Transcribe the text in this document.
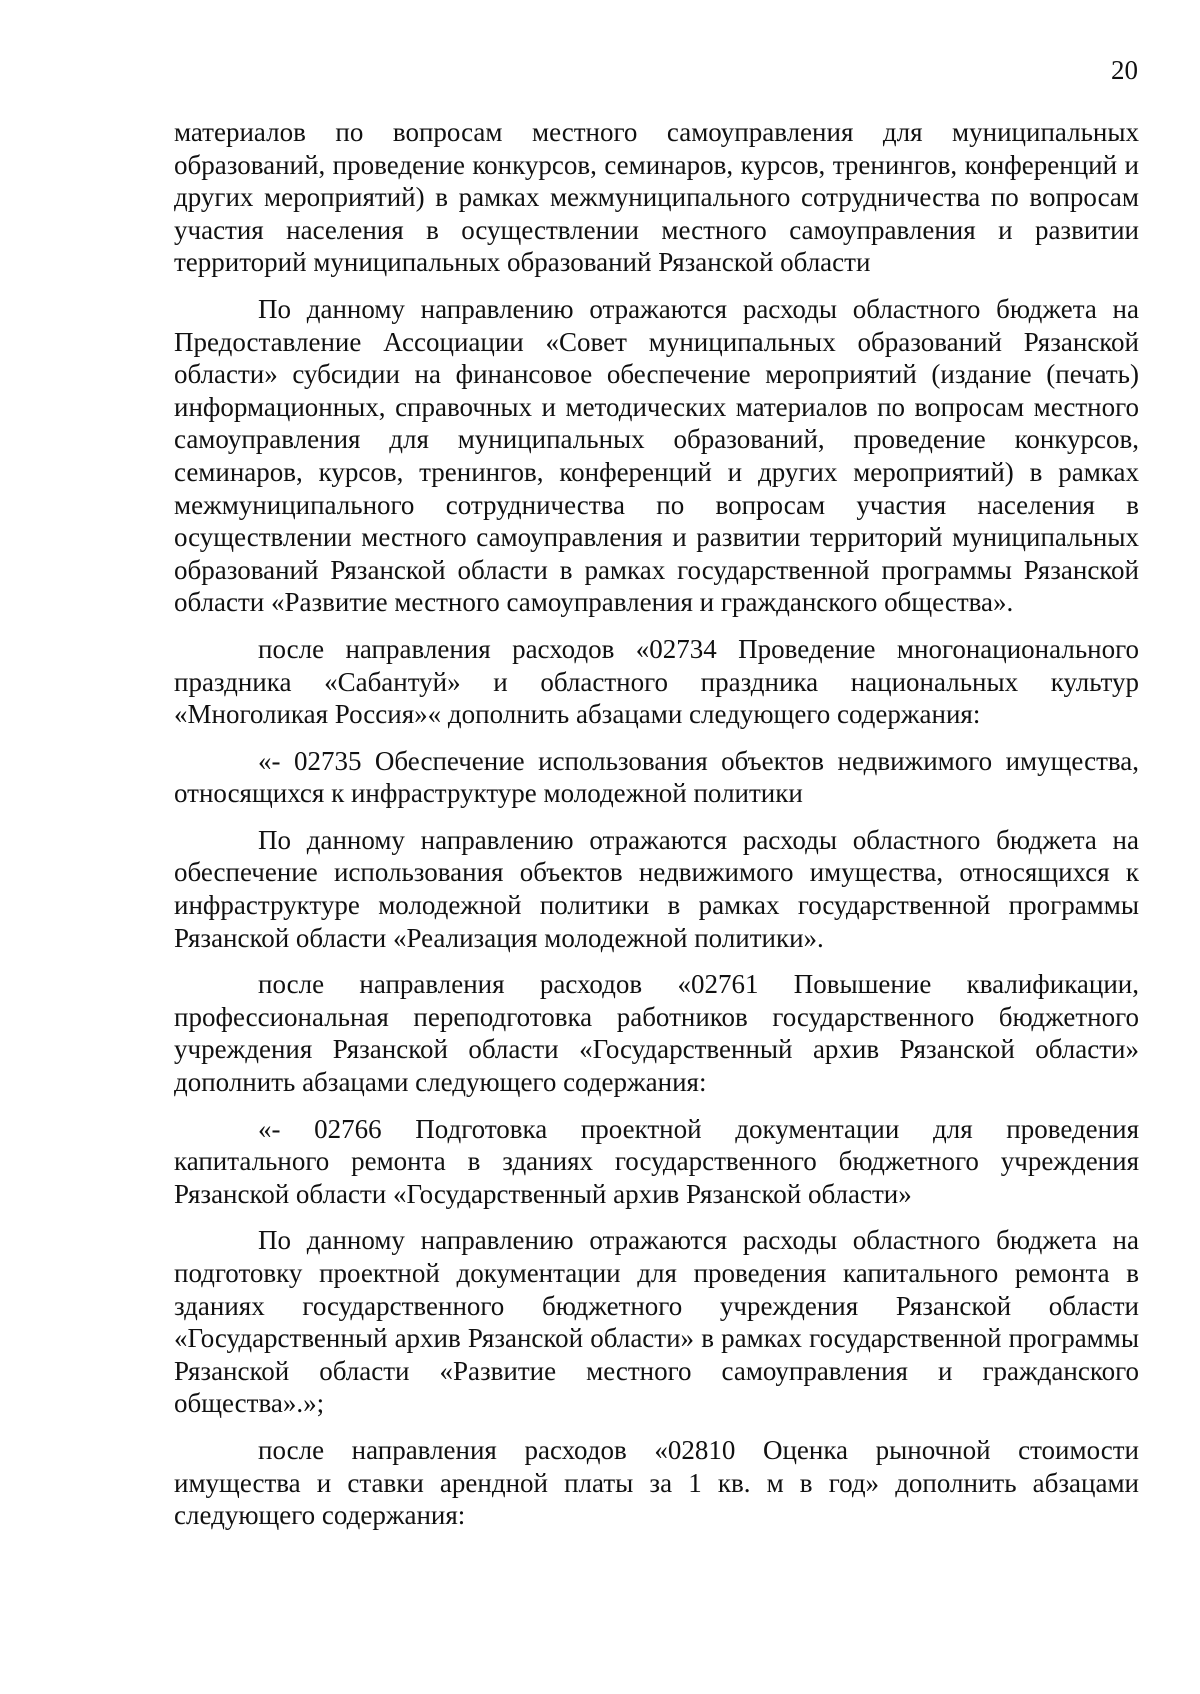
20

материалов по вопросам местного самоуправления для муниципальных образований, проведение конкурсов, семинаров, курсов, тренингов, конференций и других мероприятий) в рамках межмуниципального сотрудничества по вопросам участия населения в осуществлении местного самоуправления и развитии территорий муниципальных образований Рязанской области

По данному направлению отражаются расходы областного бюджета на Предоставление Ассоциации «Совет муниципальных образований Рязанской области» субсидии на финансовое обеспечение мероприятий (издание (печать) информационных, справочных и методических материалов по вопросам местного самоуправления для муниципальных образований, проведение конкурсов, семинаров, курсов, тренингов, конференций и других мероприятий) в рамках межмуниципального сотрудничества по вопросам участия населения в осуществлении местного самоуправления и развитии территорий муниципальных образований Рязанской области в рамках государственной программы Рязанской области «Развитие местного самоуправления и гражданского общества».

после направления расходов «02734 Проведение многонационального праздника «Сабантуй» и областного праздника национальных культур «Многоликая Россия»« дополнить абзацами следующего содержания:

«- 02735 Обеспечение использования объектов недвижимого имущества, относящихся к инфраструктуре молодежной политики

По данному направлению отражаются расходы областного бюджета на обеспечение использования объектов недвижимого имущества, относящихся к инфраструктуре молодежной политики в рамках государственной программы Рязанской области «Реализация молодежной политики».

после направления расходов «02761 Повышение квалификации, профессиональная переподготовка работников государственного бюджетного учреждения Рязанской области «Государственный архив Рязанской области» дополнить абзацами следующего содержания:

«- 02766 Подготовка проектной документации для проведения капитального ремонта в зданиях государственного бюджетного учреждения Рязанской области «Государственный архив Рязанской области»

По данному направлению отражаются расходы областного бюджета на подготовку проектной документации для проведения капитального ремонта в зданиях государственного бюджетного учреждения Рязанской области «Государственный архив Рязанской области» в рамках государственной программы Рязанской области «Развитие местного самоуправления и гражданского общества».»;

после направления расходов «02810 Оценка рыночной стоимости имущества и ставки арендной платы за 1 кв. м в год» дополнить абзацами следующего содержания:
